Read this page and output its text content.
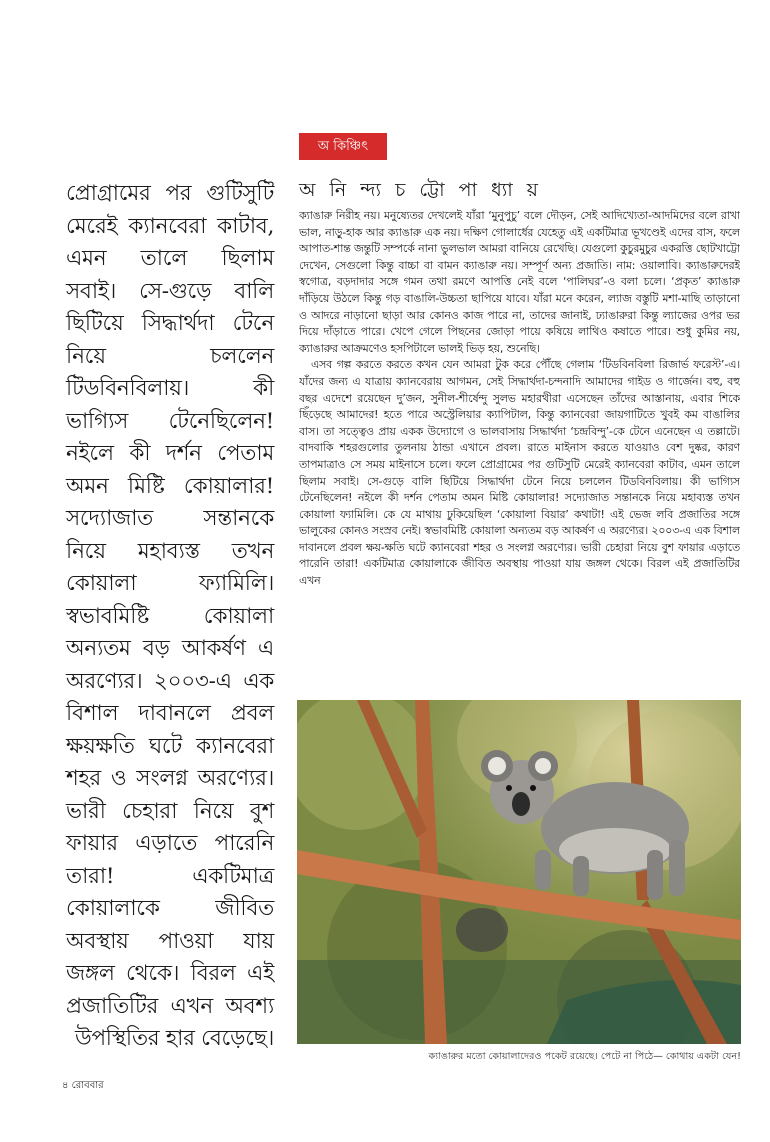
প্রোগ্রামের পর গুটিসুটি মেরেই ক্যানবেরা কাটাব, এমন তালে ছিলাম সবাই। সে-গুড়ে বালি ছিটিয়ে সিদ্ধার্থদা টেনে নিয়ে চললেন টিডবিনবিলায়। কী ভাগ্যিস টেনেছিলেন! নইলে কী দর্শন পেতাম অমন মিষ্টি কোয়ালার! সদ্যোজাত সন্তানকে নিয়ে মহাব্যস্ত তখন কোয়ালা ফ্যামিলি। স্বভাবমিষ্টি কোয়ালা অন্যতম বড় আকর্ষণ এ অরণ্যের। ২০০৩-এ এক বিশাল দাবানলে প্রবল ক্ষয়ক্ষতি ঘটে ক্যানবেরা শহর ও সংলগ্ন অরণ্যের। ভারী চেহারা নিয়ে বুশ ফায়ার এড়াতে পারেনি তারা! একটিমাত্র কোয়ালাকে জীবিত অবস্থায় পাওয়া যায় জঙ্গল থেকে। বিরল এই প্রজাতিটির এখন অবশ্য উপস্থিতির হার বেড়েছে।
অ কিঞ্চিৎ
অ নি ন্দ্য চ ট্টো পা ধ্যা য়

ক্যাঙারু নিরীহ নয়। মনুষ্যেতর দেখলেই যাঁরা ‘মুনুপুচু’ বলে দৌড়ন, সেই আদিখ্যেতা-আদমিদের বলে রাখা ভাল, নাড়ু-হাক আর ক্যাঙারু এক নয়। দক্ষিণ গোলার্ধের যেহেতু এই একটিমাত্র ভূখণ্ডেই এদের বাস, ফলে আপাত-শান্ত জন্তুটি সম্পর্কে নানা ভুলভাল আমরা বানিয়ে রেখেছি। যেগুলো কুচুরমুচুর একরত্তি ছোটখাট্টো দেখেন, সেগুলো কিন্তু বাচ্চা বা বামন ক্যাঙারু নয়। সম্পূর্ণ অন্য প্রজাতি। নাম: ওয়ালাবি। ক্যাঙারুদেরই স্বগোত্র, বড়দাদার সঙ্গে গমন তথা রমণে আপত্তি নেই বলে ‘পালিঘর’-ও বলা চলে। ‘প্রকৃত’ ক্যাঙারু দাঁড়িয়ে উঠলে কিন্তু গড় বাঙালি-উচ্চতা ছাপিয়ে যাবে। যাঁরা মনে করেন, ল্যাজ বস্তুটি মশা-মাছি তাড়ানো ও আদরে নাড়ানো ছাড়া আর কোনও কাজ পারে না, তাদের জানাই, ঢ্যাঙারুরা কিন্তু ল্যাজের ওপর ভর দিয়ে দাঁড়াতে পারে। খেপে গেলে পিছনের জোড়া পায়ে কষিয়ে লাথিও কষাতে পারে। শুধু কুমির নয়, ক্যাঙারুর আক্রমণেও হসপিটালে ভালই ভিড় হয়, শুনেছি।

এসব গল্প করতে করতে কখন যেন আমরা টুক করে পৌঁছে গেলাম ‘টিডবিনবিলা রিজার্ভ ফরেস্ট’-এ। যাঁদের জন্য এ যাত্রায় ক্যানবেরায় আগমন, সেই সিদ্ধার্থদা-চন্দনাদি আমাদের গাইড ও গার্জেন। বহু, বহু বছর এদেশে রয়েছেন দু’জন, সুনীল-শীর্ষেন্দু সুলভ মহারথীরা এসেছেন তাঁদের আস্তানায়, এবার শিকে ছিঁড়েছে আমাদের! হতে পারে অস্ট্রেলিয়ার ক্যাপিটাল, কিন্তু ক্যানবেরা জায়গাটিতে খুবই কম বাঙালির বাস। তা সত্ত্বেও প্রায় একক উদ্যোগে ও ভালবাসায় সিদ্ধার্থদা ‘চন্দ্রবিন্দু’-কে টেনে এনেছেন এ তল্লাটে। বাদবাকি শহরগুলোর তুলনায় ঠান্ডা এখানে প্রবল। রাতে মাইনাস করতে যাওয়াও বেশ দুষ্কর, কারণ তাপমাত্রাও সে সময় মাইনাসে চলে। ফলে প্রোগ্রামের পর গুটিসুটি মেরেই ক্যানবেরা কাটাব, এমন তালে ছিলাম সবাই। সে-গুড়ে বালি ছিটিয়ে সিদ্ধার্থদা টেনে নিয়ে চললেন টিডবিনবিলায়। কী ভাগ্যিস টেনেছিলেন! নইলে কী দর্শন পেতাম অমন মিষ্টি কোয়ালার! সদ্যোজাত সন্তানকে নিয়ে মহাব্যস্ত তখন কোয়ালা ফ্যামিলি। কে যে মাথায় ঢুকিয়েছিল ‘কোয়ালা বিয়ার’ কথাটা! এই ভেজ লবি প্রজাতির সঙ্গে ভালুকের কোনও সংস্রব নেই। স্বভাবমিষ্টি কোয়ালা অন্যতম বড় আকর্ষণ এ অরণ্যের। ২০০৩-এ এক বিশাল দাবানলে প্রবল ক্ষয়-ক্ষতি ঘটে ক্যানবেরা শহর ও সংলগ্ন অরণ্যের। ভারী চেহারা নিয়ে বুশ ফায়ার এড়াতে পারেনি তারা! একটিমাত্র কোয়ালাকে জীবিত অবস্থায় পাওয়া যায় জঙ্গল থেকে। বিরল এই প্রজাতিটির এখন

ক্যাঙারুর মতো কোয়ালাদেরও পকেট রয়েছে। পেটে না পিঠে— কোথায় একটা যেন!
৪ রোববার
